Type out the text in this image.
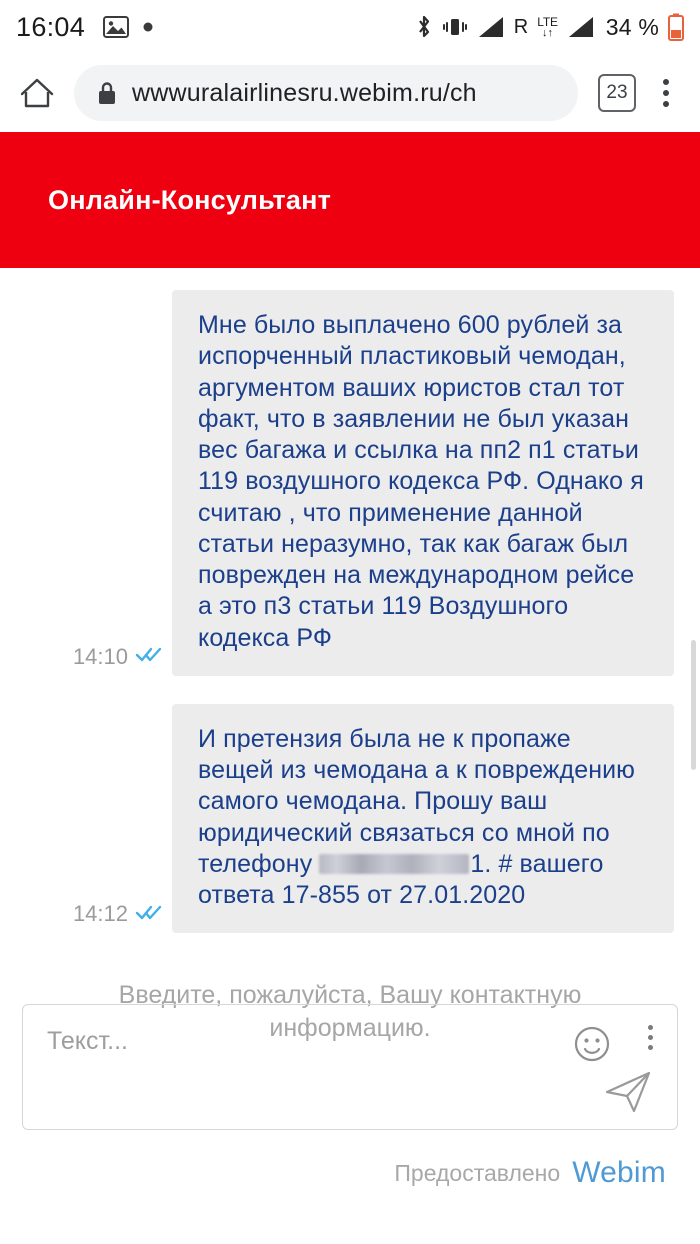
16:04	R LTE
↓↑ 34 %
wwwuralairlinesru.webim.ru/ch	23
Онлайн-Консультант
14:10
Мне было выплачено 600 рублей за испорченный пластиковый чемодан, аргументом ваших юристов стал тот факт, что в заявлении не был указан вес багажа и ссылка на пп2 п1 статьи 119 воздушного кодекса РФ. Однако я считаю , что применение данной статьи неразумно, так как багаж был поврежден на международном рейсе а это п3 статьи 119 Воздушного кодекса РФ
14:12
И претензия была не к пропаже вещей из чемодана а к повреждению самого чемодана. Прошу ваш юридический связаться со мной по телефону	1. # вашего ответа 17-855 от 27.01.2020
Введите, пожалуйста, Вашу контактную информацию.
Текст...
Предоставлено Webim
